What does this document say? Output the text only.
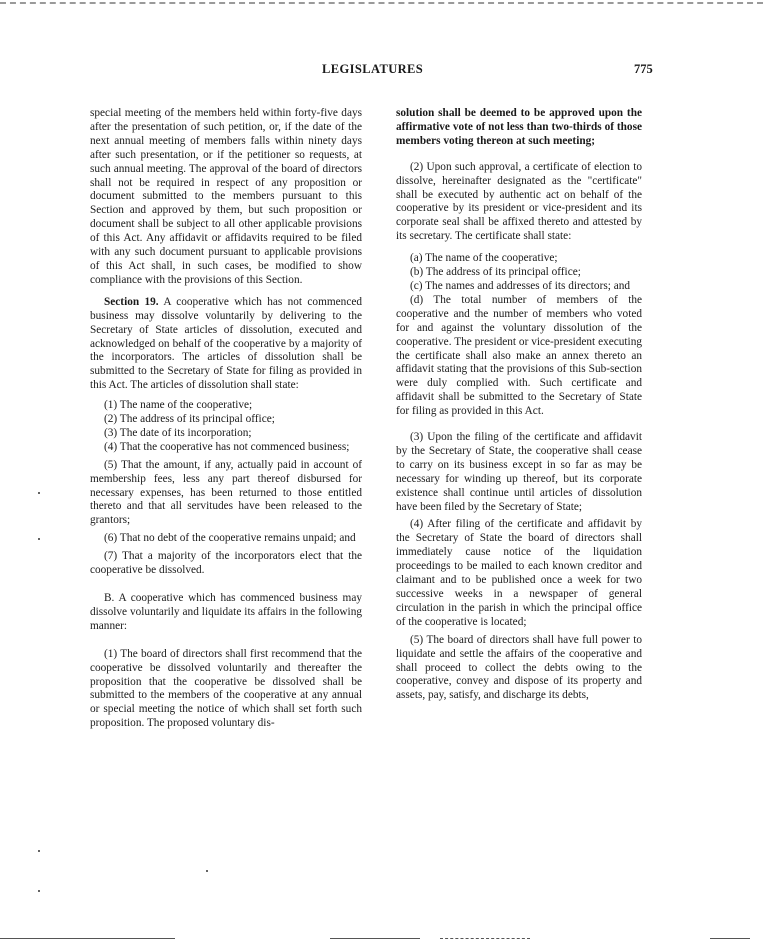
LEGISLATURES	775

special meeting of the members held within forty-five days after the presentation of such petition, or, if the date of the next annual meeting of members falls within ninety days after such presentation, or if the petitioner so requests, at such annual meeting. The approval of the board of directors shall not be required in respect of any proposition or document submitted to the members pursuant to this Section and approved by them, but such proposition or document shall be subject to all other applicable provisions of this Act. Any affidavit or affidavits required to be filed with any such document pursuant to applicable provisions of this Act shall, in such cases, be modified to show compliance with the provisions of this Section.

Section 19. A cooperative which has not commenced business may dissolve voluntarily by delivering to the Secretary of State articles of dissolution, executed and acknowledged on behalf of the cooperative by a majority of the incorporators. The articles of dissolution shall be submitted to the Secretary of State for filing as provided in this Act. The articles of dissolution shall state:

(1) The name of the cooperative;

(2) The address of its principal office;

(3) The date of its incorporation;

(4) That the cooperative has not commenced business;

(5) That the amount, if any, actually paid in account of membership fees, less any part thereof disbursed for necessary expenses, has been returned to those entitled thereto and that all servitudes have been released to the grantors;

(6) That no debt of the cooperative remains unpaid; and

(7) That a majority of the incorporators elect that the cooperative be dissolved.

B. A cooperative which has commenced business may dissolve voluntarily and liquidate its affairs in the following manner:

(1) The board of directors shall first recommend that the cooperative be dissolved voluntarily and thereafter the proposition that the cooperative be dissolved shall be submitted to the members of the cooperative at any annual or special meeting the notice of which shall set forth such proposition. The proposed voluntary dis-

solution shall be deemed to be approved upon the affirmative vote of not less than two-thirds of those members voting thereon at such meeting;

(2) Upon such approval, a certificate of election to dissolve, hereinafter designated as the "certificate" shall be executed by authentic act on behalf of the cooperative by its president or vice-president and its corporate seal shall be affixed thereto and attested by its secretary. The certificate shall state:

(a) The name of the cooperative;

(b) The address of its principal office;

(c) The names and addresses of its directors; and

(d) The total number of members of the cooperative and the number of members who voted for and against the voluntary dissolution of the cooperative. The president or vice-president executing the certificate shall also make an annex thereto an affidavit stating that the provisions of this Sub-section were duly complied with. Such certificate and affidavit shall be submitted to the Secretary of State for filing as provided in this Act.

(3) Upon the filing of the certificate and affidavit by the Secretary of State, the cooperative shall cease to carry on its business except in so far as may be necessary for winding up thereof, but its corporate existence shall continue until articles of dissolution have been filed by the Secretary of State;

(4) After filing of the certificate and affidavit by the Secretary of State the board of directors shall immediately cause notice of the liquidation proceedings to be mailed to each known creditor and claimant and to be published once a week for two successive weeks in a newspaper of general circulation in the parish in which the principal office of the cooperative is located;

(5) The board of directors shall have full power to liquidate and settle the affairs of the cooperative and shall proceed to collect the debts owing to the cooperative, convey and dispose of its property and assets, pay, satisfy, and discharge its debts,
